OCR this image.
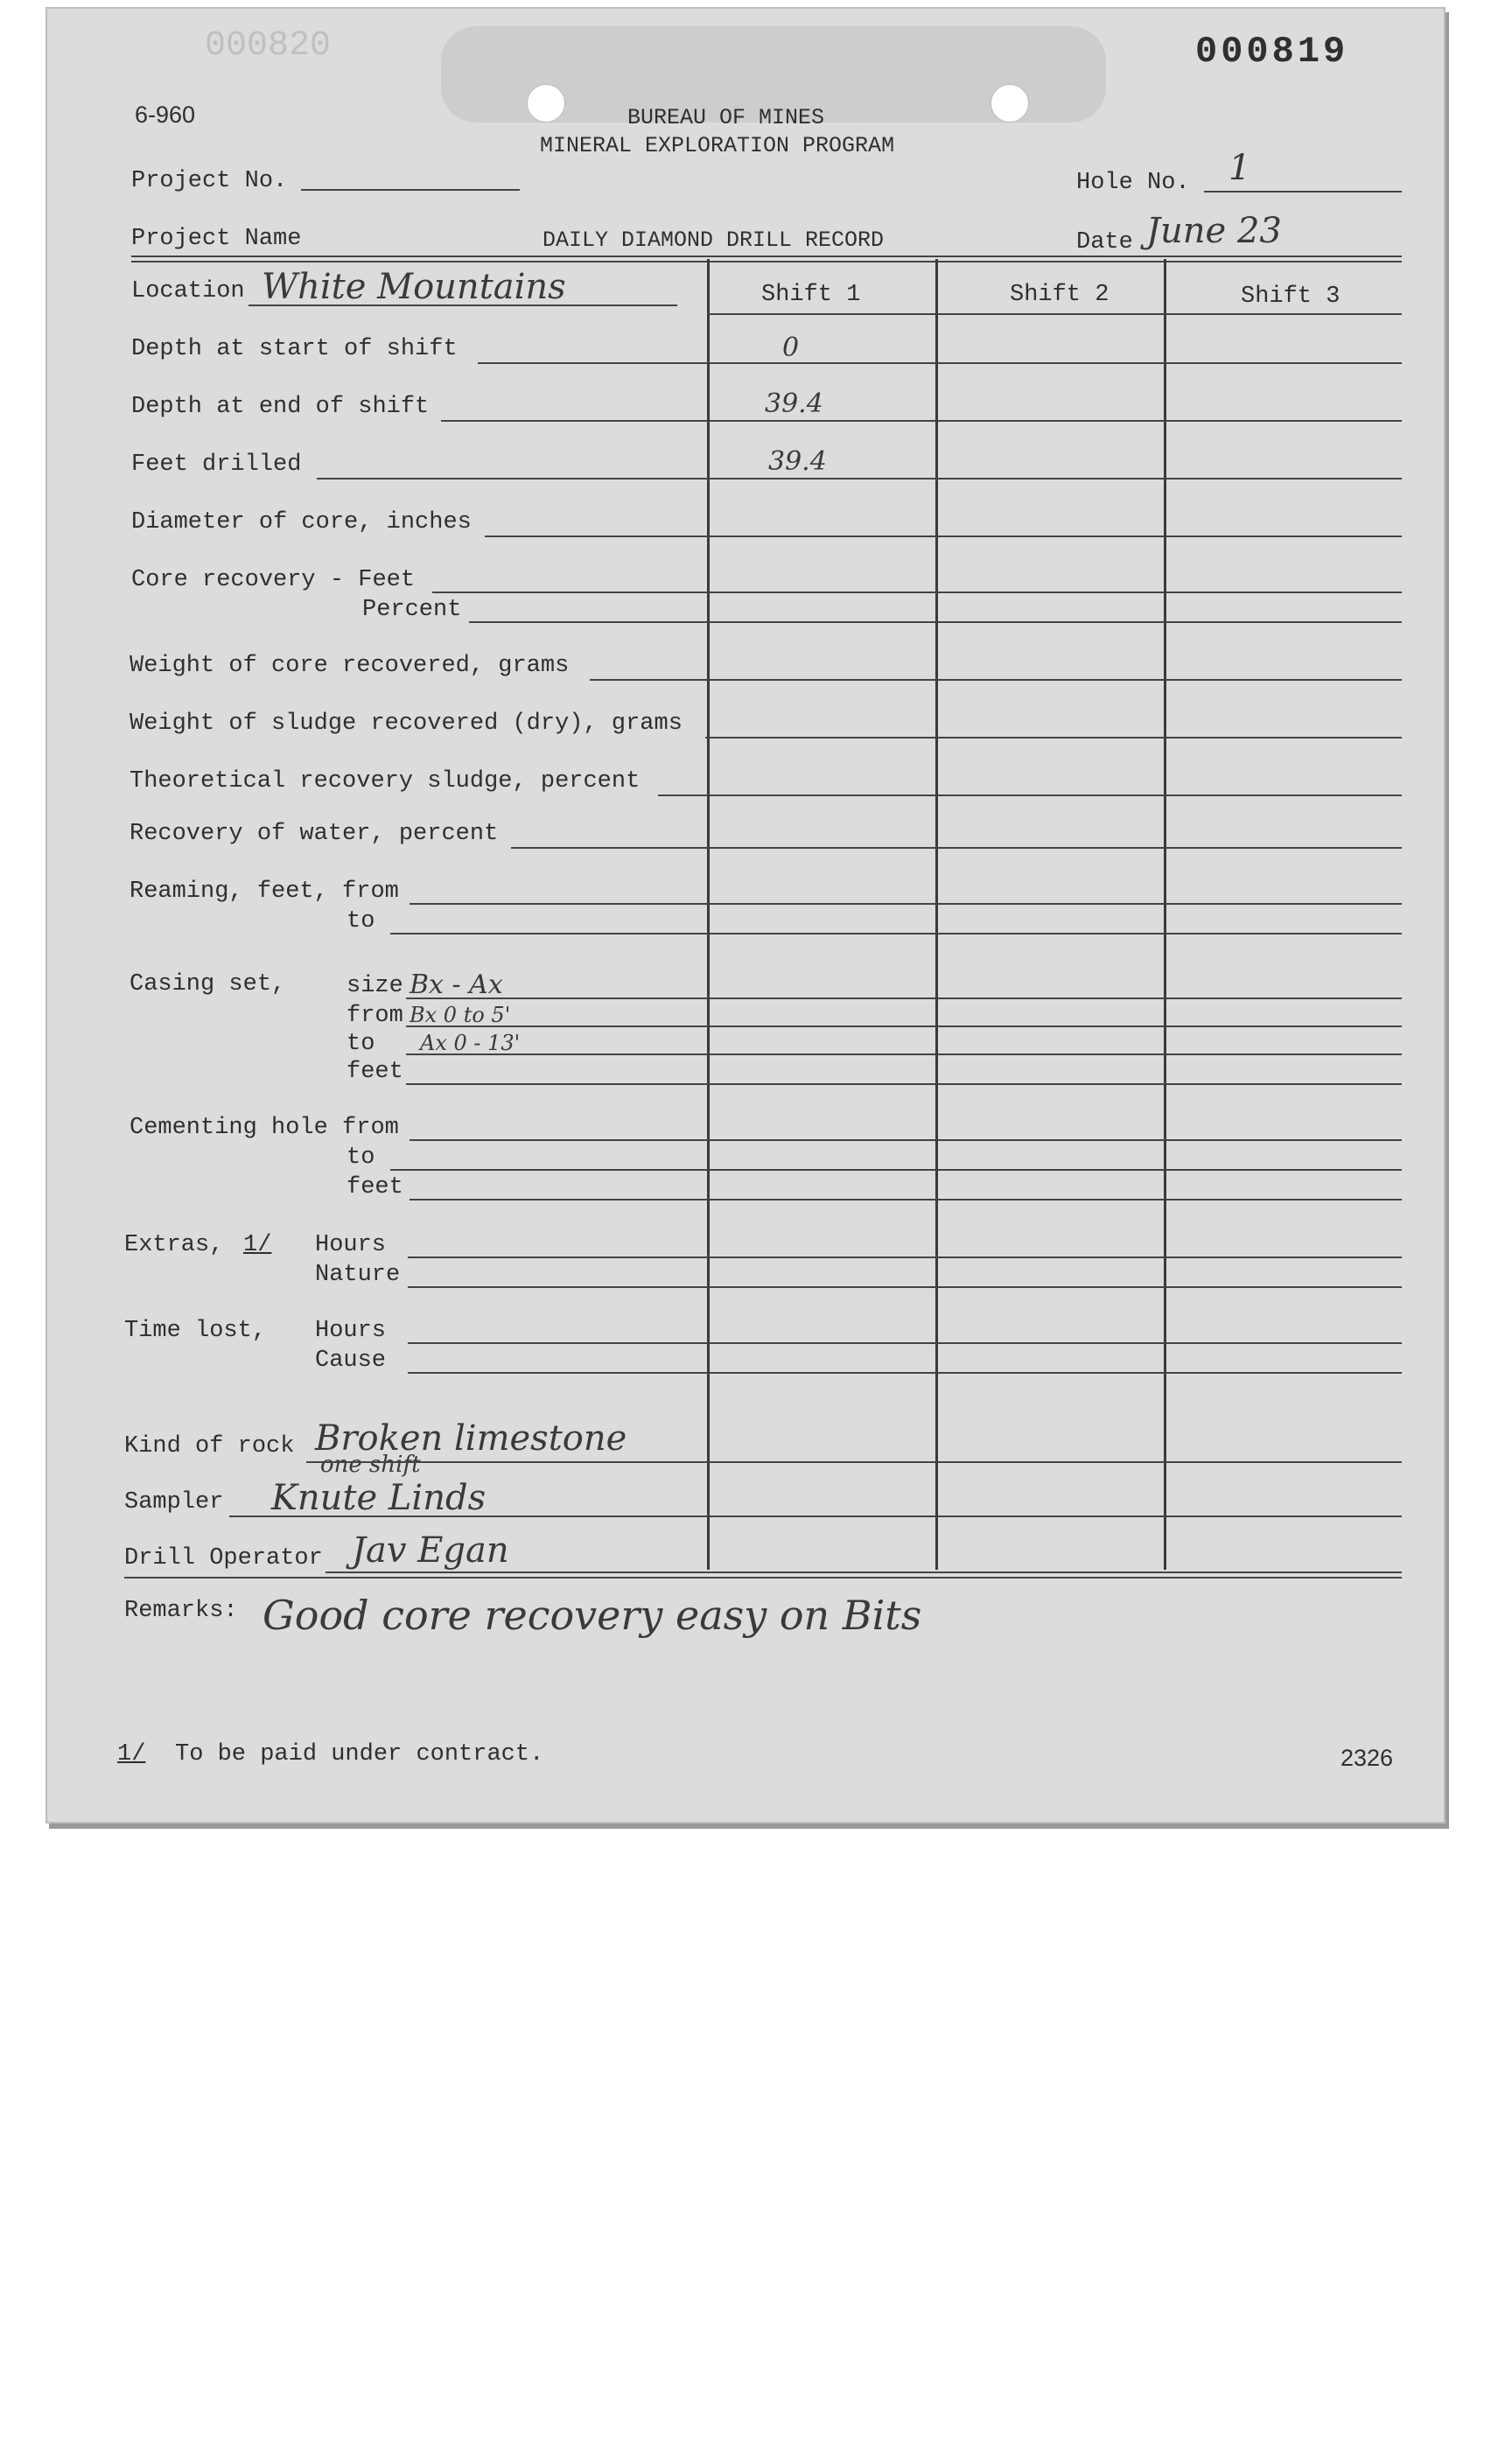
000820	000819
6-960	BUREAU OF MINES
MINERAL EXPLORATION PROGRAM
Project No.	Hole No. 1
Project Name	DAILY DIAMOND DRILL RECORD	Date June 23
Location White Mountains	Shift 1	Shift 2	Shift 3
Depth at start of shift	0
Depth at end of shift	39.4
Feet drilled	39.4
Diameter of core, inches
Core recovery - Feet
Percent
Weight of core recovered, grams
Weight of sludge recovered (dry), grams
Theoretical recovery sludge, percent
Recovery of water, percent
Reaming, feet, from
to
Casing set,	size Bx - Ax
from Bx 0 to 5'
to Ax 0 - 13'
feet
Cementing hole from
to
feet
Extras, 1/ Hours
Nature
Time lost, Hours
Cause
Kind of rock Broken limestone
one shift
Sampler Knute Linds
Drill Operator Jav Egan
Remarks: Good core recovery easy on Bits
1/ To be paid under contract.	2326
